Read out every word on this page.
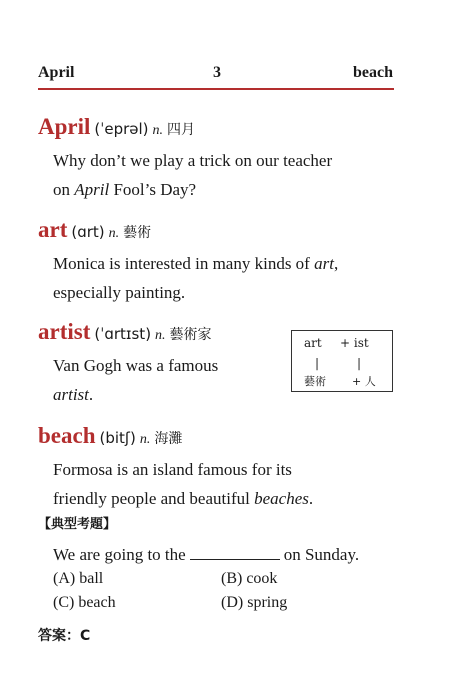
April	3	beach
April (ˈeprəl) n. 四月
Why don’t we play a trick on our teacher
on April Fool’s Day?
art (ɑrt) n. 藝術
Monica is interested in many kinds of art,
especially painting.
artist (ˈɑrtɪst) n. 藝術家
Van Gogh was a famous
artist.
art + ist
|	|
藝術 + 人
beach (bitʃ) n. 海灘
Formosa is an island famous for its
friendly people and beautiful beaches.
【典型考題】
We are going to the	on Sunday.
(A) ball	(B) cook
(C) beach	(D) spring
答案：C
